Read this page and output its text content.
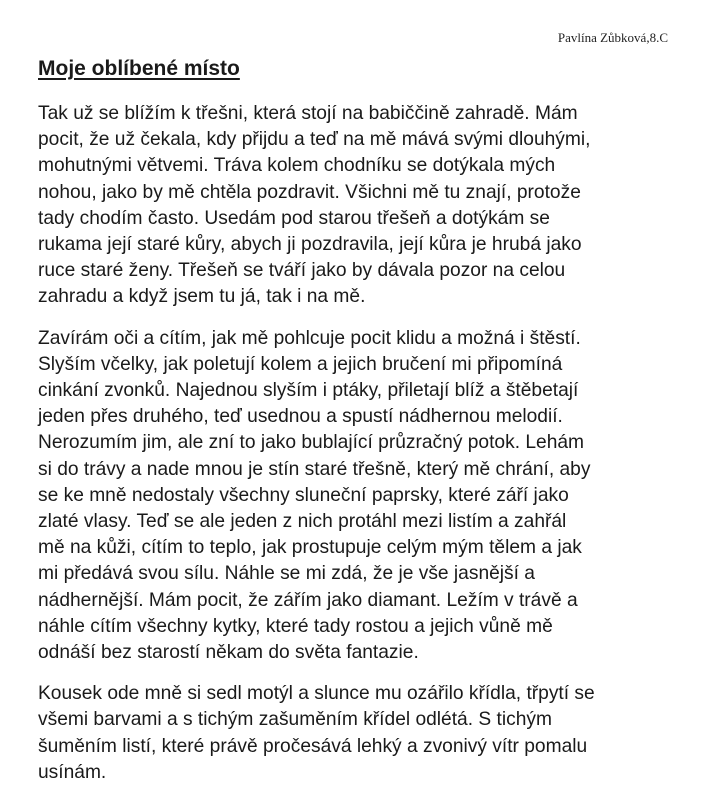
Pavlína Zůbková,8.C
Moje oblíbené místo

Tak už se blížím k třešni, která stojí na babiččině zahradě. Mám
pocit, že už čekala, kdy přijdu a teď na mě mává svými dlouhými,
mohutnými větvemi. Tráva kolem chodníku se dotýkala mých
nohou, jako by mě chtěla pozdravit. Všichni mě tu znají, protože
tady chodím často. Usedám pod starou třešeň a dotýkám se
rukama její staré kůry, abych ji pozdravila, její kůra je hrubá jako
ruce staré ženy. Třešeň se tváří jako by dávala pozor na celou
zahradu a když jsem tu já, tak i na mě.

Zavírám oči a cítím, jak mě pohlcuje pocit klidu a možná i štěstí.
Slyším včelky, jak poletují kolem a jejich bručení mi připomíná
cinkání zvonků. Najednou slyším i ptáky, přiletají blíž a štěbetají
jeden přes druhého, teď usednou a spustí nádhernou melodií.
Nerozumím jim, ale zní to jako bublající průzračný potok. Lehám
si do trávy a nade mnou je stín staré třešně, který mě chrání, aby
se ke mně nedostaly všechny sluneční paprsky, které září jako
zlaté vlasy. Teď se ale jeden z nich protáhl mezi listím a zahřál
mě na kůži, cítím to teplo, jak prostupuje celým mým tělem a jak
mi předává svou sílu. Náhle se mi zdá, že je vše jasnější a
nádhernější. Mám pocit, že zářím jako diamant. Ležím v trávě a
náhle cítím všechny kytky, které tady rostou a jejich vůně mě
odnáší bez starostí někam do světa fantazie.

Kousek ode mně si sedl motýl a slunce mu ozářilo křídla, třpytí se
všemi barvami a s tichým zašuměním křídel odlétá. S tichým
šuměním listí, které právě pročesává lehký a zvonivý vítr pomalu
usínám.
